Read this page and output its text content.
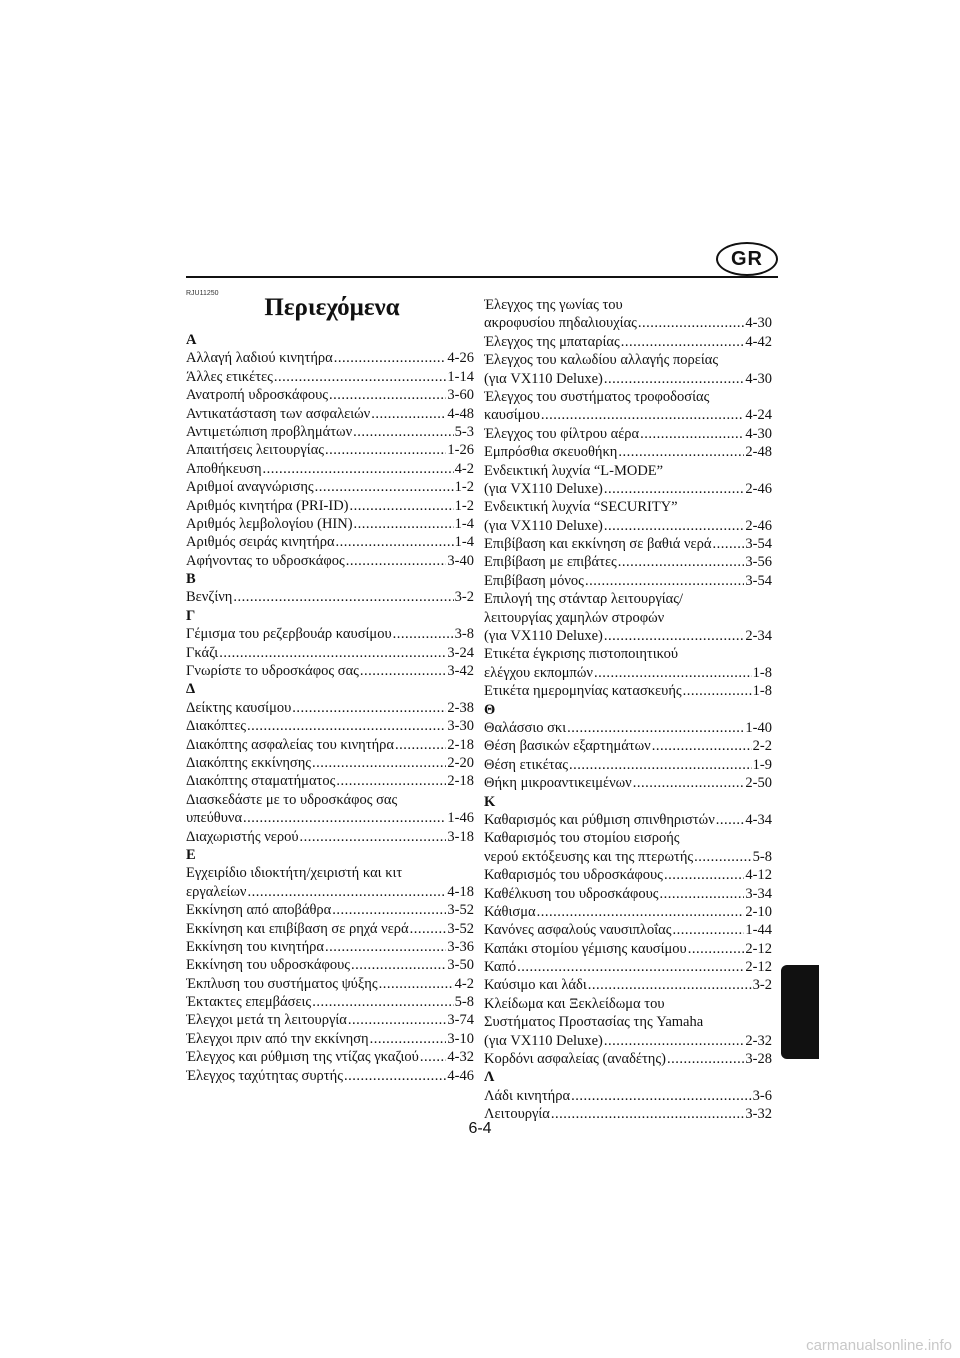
GR
RJU11250
Περιεχόμενα
Α
Αλλαγή λαδιού κινητήρα .....	4-26
Άλλες ετικέτες .....	1-14
Ανατροπή υδροσκάφους .....	3-60
Αντικατάσταση των ασφαλειών .....	4-48
Αντιμετώπιση προβλημάτων .....	5-3
Απαιτήσεις λειτουργίας .....	1-26
Αποθήκευση .....	4-2
Αριθμοί αναγνώρισης .....	1-2
Αριθμός κινητήρα (PRI-ID) .....	1-2
Αριθμός λεμβολογίου (HIN) .....	1-4
Αριθμός σειράς κινητήρα .....	1-4
Αφήνοντας το υδροσκάφος .....	3-40
Β
Βενζίνη .....	3-2
Γ
Γέμισμα του ρεζερβουάρ καυσίμου .....	3-8
Γκάζι .....	3-24
Γνωρίστε το υδροσκάφος σας .....	3-42
Δ
Δείκτης καυσίμου .....	2-38
Διακόπτες .....	3-30
Διακόπτης ασφαλείας του κινητήρα .....	2-18
Διακόπτης εκκίνησης .....	2-20
Διακόπτης σταματήματος .....	2-18
Διασκεδάστε με το υδροσκάφος σας
υπεύθυνα .....	1-46
Διαχωριστής νερού .....	3-18
Ε
Εγχειρίδιο ιδιοκτήτη/χειριστή και κιτ
εργαλείων .....	4-18
Εκκίνηση από αποβάθρα .....	3-52
Εκκίνηση και επιβίβαση σε ρηχά νερά .....	3-52
Εκκίνηση του κινητήρα .....	3-36
Εκκίνηση του υδροσκάφους .....	3-50
Έκπλυση του συστήματος ψύξης .....	4-2
Έκτακτες επεμβάσεις .....	5-8
Έλεγχοι μετά τη λειτουργία .....	3-74
Έλεγχοι πριν από την εκκίνηση .....	3-10
Έλεγχος και ρύθμιση της ντίζας γκαζιού ..... 4-32
Έλεγχος ταχύτητας συρτής .....	4-46
Έλεγχος της γωνίας του
ακροφυσίου πηδαλιουχίας .....	4-30
Έλεγχος της μπαταρίας .....	4-42
Έλεγχος του καλωδίου αλλαγής πορείας
(για VX110 Deluxe) .....	4-30
Έλεγχος του συστήματος τροφοδοσίας
καυσίμου .....	4-24
Έλεγχος του φίλτρου αέρα .....	4-30
Εμπρόσθια σκευοθήκη .....	2-48
Ενδεικτική λυχνία “L-MODE”
(για VX110 Deluxe) .....	2-46
Ενδεικτική λυχνία “SECURITY”
(για VX110 Deluxe) .....	2-46
Επιβίβαση και εκκίνηση σε βαθιά νερά ..... 3-54
Επιβίβαση με επιβάτες .....	3-56
Επιβίβαση μόνος .....	3-54
Επιλογή της στάνταρ λειτουργίας/
λειτουργίας χαμηλών στροφών
(για VX110 Deluxe) .....	2-34
Ετικέτα έγκρισης πιστοποιητικού
ελέγχου εκπομπών .....	1-8
Ετικέτα ημερομηνίας κατασκευής .....	1-8
Θ
Θαλάσσιο σκι .....	1-40
Θέση βασικών εξαρτημάτων .....	2-2
Θέση ετικέτας .....	1-9
Θήκη μικροαντικειμένων .....	2-50
Κ
Καθαρισμός και ρύθμιση σπινθηριστών ..... 4-34
Καθαρισμός του στομίου εισροής
νερού εκτόξευσης και της πτερωτής .....	5-8
Καθαρισμός του υδροσκάφους .....	4-12
Καθέλκυση του υδροσκάφους .....	3-34
Κάθισμα .....	2-10
Κανόνες ασφαλούς ναυσιπλοΐας .....	1-44
Καπάκι στομίου γέμισης καυσίμου .....	2-12
Καπό .....	2-12
Καύσιμο και λάδι .....	3-2
Κλείδωμα και Ξεκλείδωμα του
Συστήματος Προστασίας της Yamaha
(για VX110 Deluxe) .....	2-32
Κορδόνι ασφαλείας (αναδέτης) .....	3-28
Λ
Λάδι κινητήρα .....	3-6
Λειτουργία .....	3-32
6-4
carmanualsonline.info
